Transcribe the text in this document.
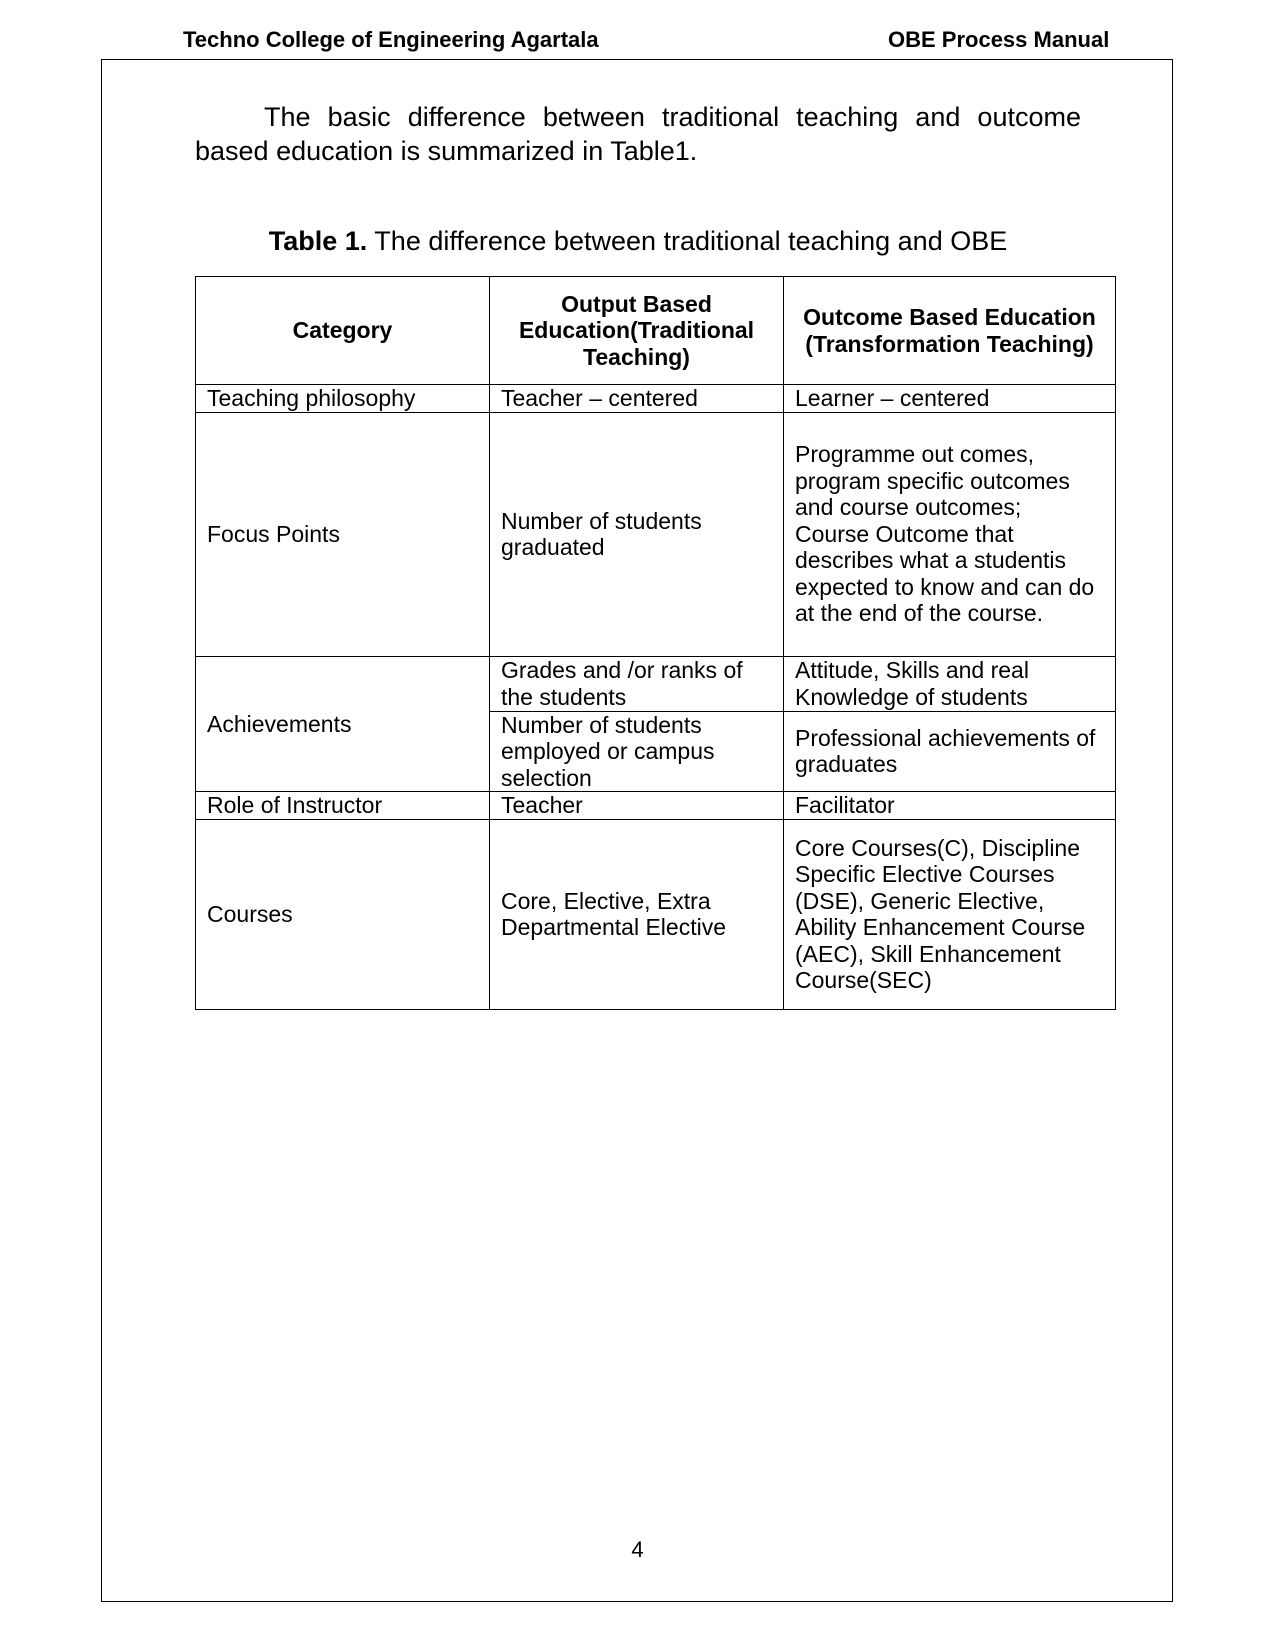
Techno College of Engineering Agartala	OBE Process Manual
The basic difference between traditional teaching and outcome
based education is summarized in Table1.
Table 1. The difference between traditional teaching and OBE
Category	Output Based Education(Traditional Teaching)	Outcome Based Education (Transformation Teaching)
Teaching philosophy	Teacher – centered	Learner – centered
Focus Points	Number of students graduated	Programme out comes, program specific outcomes and course outcomes;
Course Outcome that describes what a studentis expected to know and can do at the end of the course.

Achievements	Grades and /or ranks of the students	Attitude, Skills and real Knowledge of students
	Number of students employed or campus selection	Professional achievements of graduates
Role of Instructor	Teacher	Facilitator
Courses	Core, Elective, Extra Departmental Elective	Core Courses(C), Discipline Specific Elective Courses (DSE), Generic Elective, Ability Enhancement Course (AEC), Skill Enhancement Course(SEC)
4
